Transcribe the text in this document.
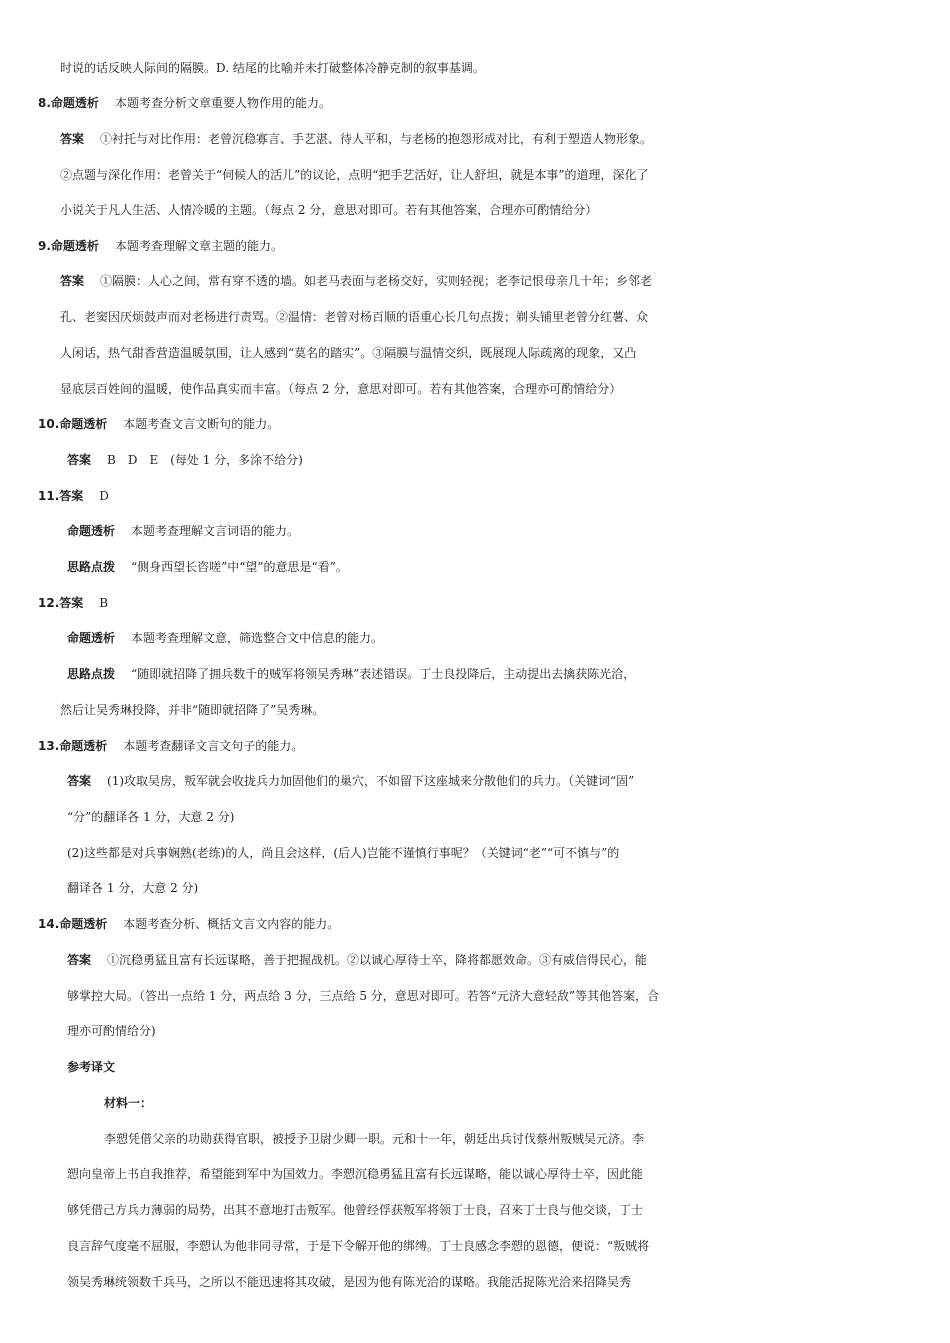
时说的话反映人际间的隔膜。D. 结尾的比喻并未打破整体冷静克制的叙事基调。
8.命题透析 本题考查分析文章重要人物作用的能力。
答案 ①衬托与对比作用：老曾沉稳寡言、手艺湛、待人平和，与老杨的抱怨形成对比，有利于塑造人物形象。
②点题与深化作用：老曾关于“伺候人的活儿”的议论，点明“把手艺活好，让人舒坦，就是本事”的道理，深化了
小说关于凡人生活、人情冷暖的主题。（每点 2 分，意思对即可。若有其他答案，合理亦可酌情给分）
9.命题透析 本题考查理解文章主题的能力。
答案 ①隔膜：人心之间，常有穿不透的墙。如老马表面与老杨交好，实则轻视；老李记恨母亲几十年；乡邻老
孔、老窦因厌烦鼓声而对老杨进行责骂。②温情：老曾对杨百顺的语重心长几句点拨；剃头铺里老曾分红薯、众
人闲话，热气甜香营造温暖氛围，让人感到“莫名的踏实”。③隔膜与温情交织，既展现人际疏离的现象，又凸
显底层百姓间的温暖，使作品真实而丰富。（每点 2 分，意思对即可。若有其他答案，合理亦可酌情给分）
10.命题透析 本题考查文言文断句的能力。
答案 B　D　E　(每处 1 分，多涂不给分)
11.答案 D
命题透析 本题考查理解文言词语的能力。
思路点拨 “侧身西望长咨嗟”中“望”的意思是“看”。
12.答案 B
命题透析 本题考查理解文意，筛选整合文中信息的能力。
思路点拨 “随即就招降了拥兵数千的贼军将领吴秀琳”表述错误。丁士良投降后，主动提出去擒获陈光洽，
然后让吴秀琳投降，并非“随即就招降了”吴秀琳。
13.命题透析 本题考查翻译文言文句子的能力。
答案 (1)攻取吴房，叛军就会收拢兵力加固他们的巢穴，不如留下这座城来分散他们的兵力。（关键词“固”
“分”的翻译各 1 分，大意 2 分)
(2)这些都是对兵事娴熟(老练)的人，尚且会这样，(后人)岂能不谨慎行事呢？（关键词“老”“可不慎与”的
翻译各 1 分，大意 2 分)
14.命题透析 本题考查分析、概括文言文内容的能力。
答案 ①沉稳勇猛且富有长远谋略，善于把握战机。②以诚心厚待士卒，降将都愿效命。③有威信得民心，能
够掌控大局。（答出一点给 1 分，两点给 3 分，三点给 5 分，意思对即可。若答“元济大意轻敌”等其他答案，合
理亦可酌情给分)
参考译文
材料一：
李愬凭借父亲的功勋获得官职，被授予卫尉少卿一职。元和十一年，朝廷出兵讨伐蔡州叛贼吴元济。李
愬向皇帝上书自我推荐，希望能到军中为国效力。李愬沉稳勇猛且富有长远谋略，能以诚心厚待士卒，因此能
够凭借己方兵力薄弱的局势，出其不意地打击叛军。他曾经俘获叛军将领丁士良，召来丁士良与他交谈，丁士
良言辞气度毫不屈服，李愬认为他非同寻常，于是下令解开他的绑缚。丁士良感念李愬的恩德，便说：“叛贼将
领吴秀琳统领数千兵马，之所以不能迅速将其攻破，是因为他有陈光洽的谋略。我能活捉陈光洽来招降吴秀
